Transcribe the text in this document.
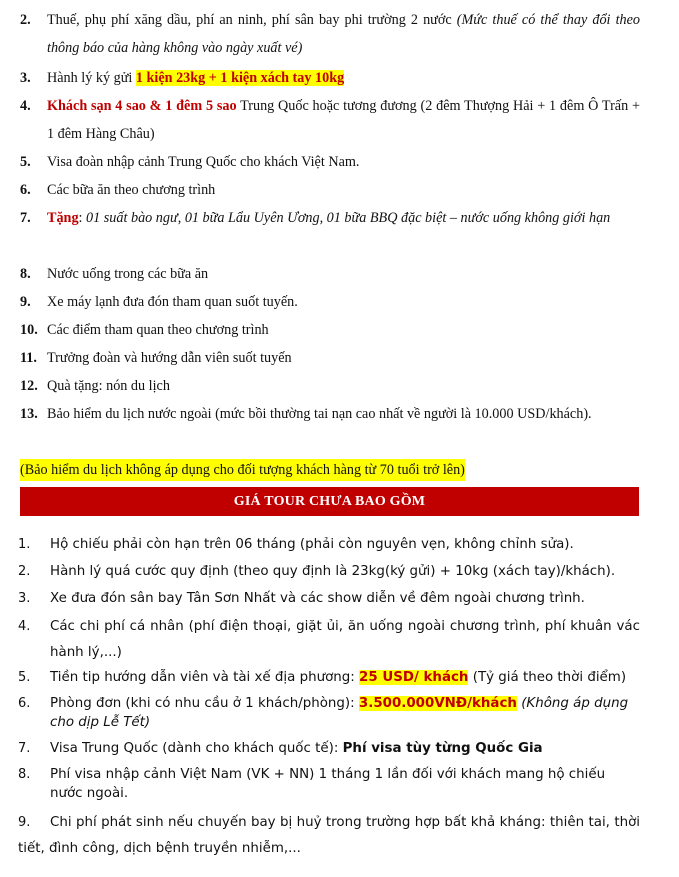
2.	Thuế, phụ phí xăng dầu, phí an ninh, phí sân bay phi trường 2 nước (Mức thuế có thể thay đổi theo thông báo của hàng không vào ngày xuất vé)
3.	Hành lý ký gửi 1 kiện 23kg + 1 kiện xách tay 10kg
4.	Khách sạn 4 sao & 1 đêm 5 sao Trung Quốc hoặc tương đương (2 đêm Thượng Hải + 1 đêm Ô Trấn + 1 đêm Hàng Châu)
5.	Visa đoàn nhập cảnh Trung Quốc cho khách Việt Nam.
6.	Các bữa ăn theo chương trình
7.	Tặng: 01 suất bào ngư, 01 bữa Lẩu Uyên Ương, 01 bữa BBQ đặc biệt – nước uống không giới hạn
8.	Nước uống trong các bữa ăn
9.	Xe máy lạnh đưa đón tham quan suốt tuyến.
10. Các điểm tham quan theo chương trình
11. Trưởng đoàn và hướng dẫn viên suốt tuyến
12. Quà tặng: nón du lịch
13. Bảo hiểm du lịch nước ngoài (mức bồi thường tai nạn cao nhất về người là 10.000 USD/khách).
(Bảo hiểm du lịch không áp dụng cho đối tượng khách hàng từ 70 tuổi trở lên)
GIÁ TOUR CHƯA BAO GỒM
1.	Hộ chiếu phải còn hạn trên 06 tháng (phải còn nguyên vẹn, không chỉnh sửa).
2.	Hành lý quá cước quy định (theo quy định là 23kg(ký gửi) + 10kg (xách tay)/khách).
3.	Xe đưa đón sân bay Tân Sơn Nhất và các show diễn về đêm ngoài chương trình.
4.	Các chi phí cá nhân (phí điện thoại, giặt ủi, ăn uống ngoài chương trình, phí khuân vác hành lý,...)
5.	Tiền tip hướng dẫn viên và tài xế địa phương: 25 USD/ khách (Tỷ giá theo thời điểm)
6.	Phòng đơn (khi có nhu cầu ở 1 khách/phòng): 3.500.000VNĐ/khách (Không áp dụng cho dịp Lễ Tết)
7.	Visa Trung Quốc (dành cho khách quốc tế): Phí visa tùy từng Quốc Gia
8.	Phí visa nhập cảnh Việt Nam (VK + NN) 1 tháng 1 lần đối với khách mang hộ chiếu nước ngoài.
9.	Chi phí phát sinh nếu chuyến bay bị huỷ trong trường hợp bất khả kháng: thiên tai, thời tiết, đình công, dịch bệnh truyền nhiễm,...
